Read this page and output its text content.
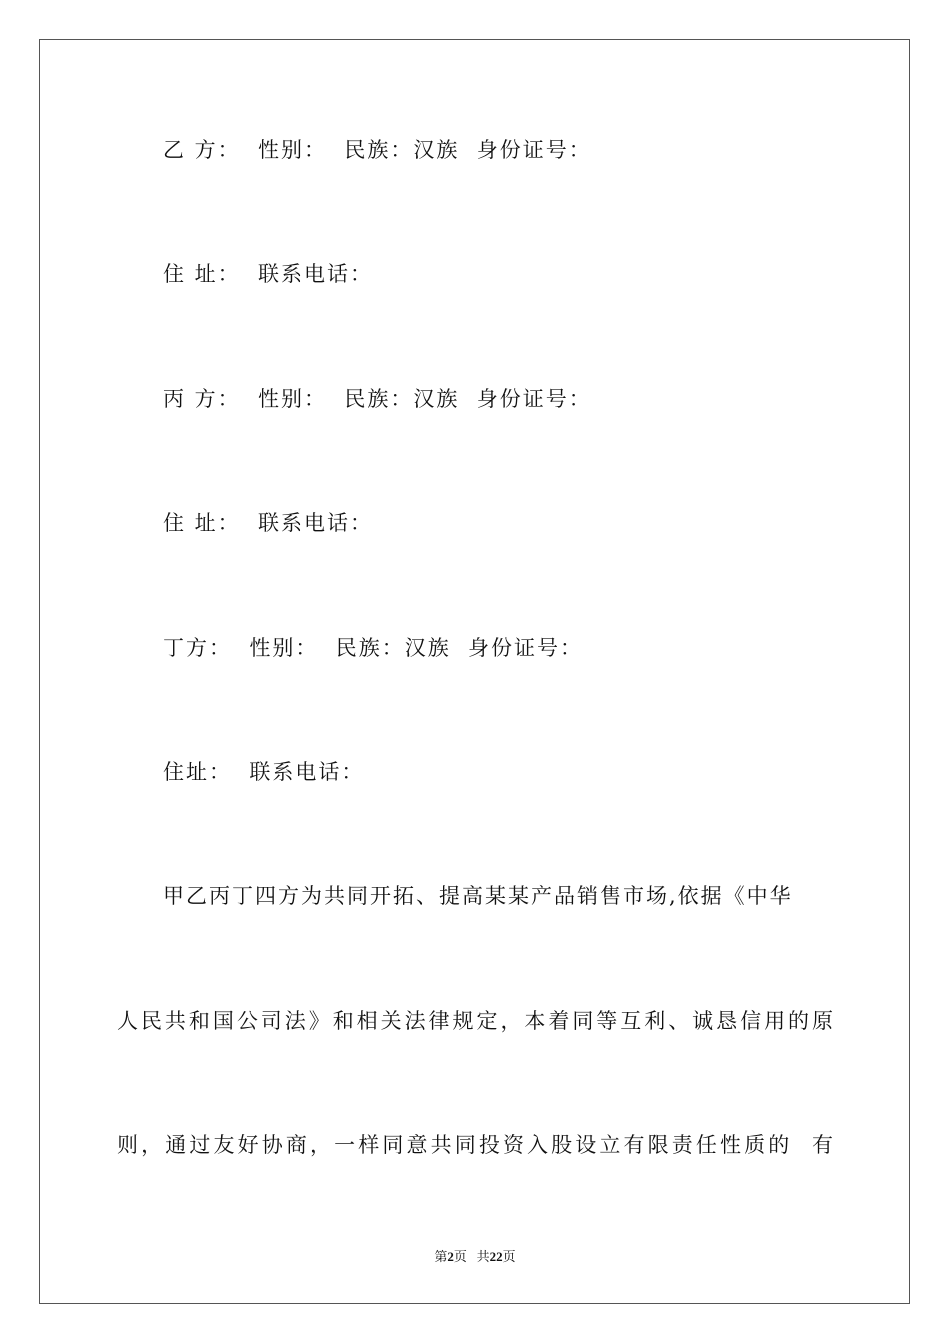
乙 方：  性别：  民族：汉族  身份证号：
住 址：  联系电话：
丙 方：  性别：  民族：汉族  身份证号：
住 址：  联系电话：
丁方：  性别：  民族：汉族  身份证号：
住址：  联系电话：
甲乙丙丁四方为共同开拓、提高某某产品销售市场,依据《中华
人民共和国公司法》和相关法律规定，本着同等互利、诚恳信用的原
则，通过友好协商，一样同意共同投资入股设立有限责任性质的  有
第2页 共22页
